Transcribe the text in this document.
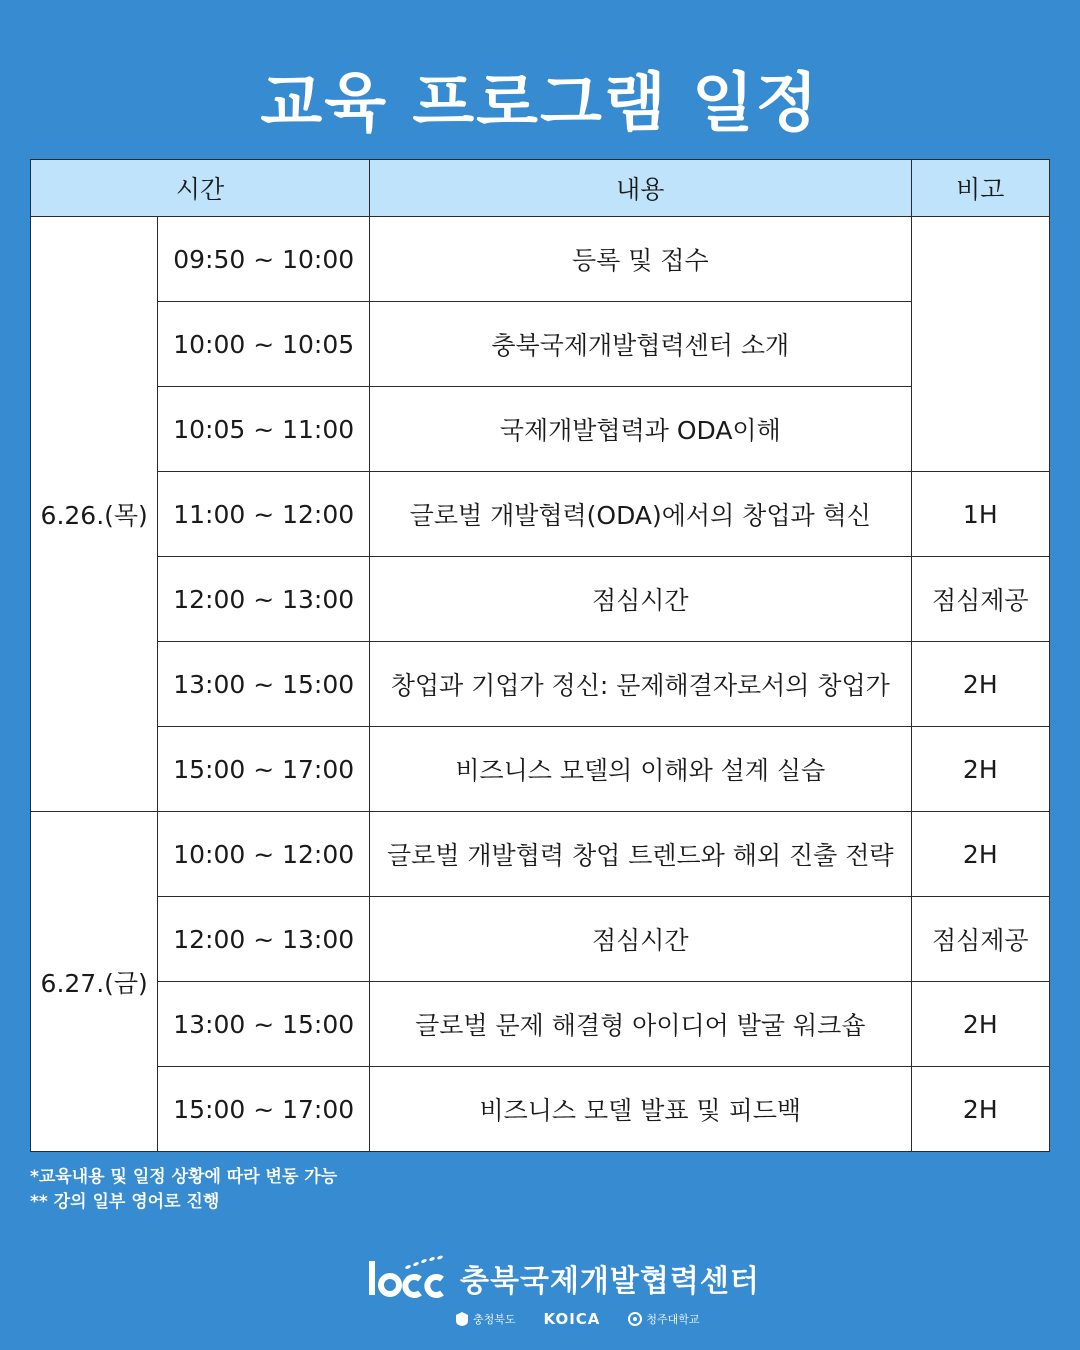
교육 프로그램 일정
시간		내용	비고
6.26.(목)	09:50 ~ 10:00	등록 및 접수	
	10:00 ~ 10:05	충북국제개발협력센터 소개	
	10:05 ~ 11:00	국제개발협력과 ODA이해	
	11:00 ~ 12:00	글로벌 개발협력(ODA)에서의 창업과 혁신	1H
	12:00 ~ 13:00	점심시간	점심제공
	13:00 ~ 15:00	창업과 기업가 정신: 문제해결자로서의 창업가	2H
	15:00 ~ 17:00	비즈니스 모델의 이해와 설계 실습	2H
6.27.(금)	10:00 ~ 12:00	글로벌 개발협력 창업 트렌드와 해외 진출 전략	2H
	12:00 ~ 13:00	점심시간	점심제공
	13:00 ~ 15:00	글로벌 문제 해결형 아이디어 발굴 워크숍	2H
	15:00 ~ 17:00	비즈니스 모델 발표 및 피드백	2H
*교육내용 및 일정 상황에 따라 변동 가능
** 강의 일부 영어로 진행
충북국제개발협력센터
충청북도 KOICA	청주대학교
